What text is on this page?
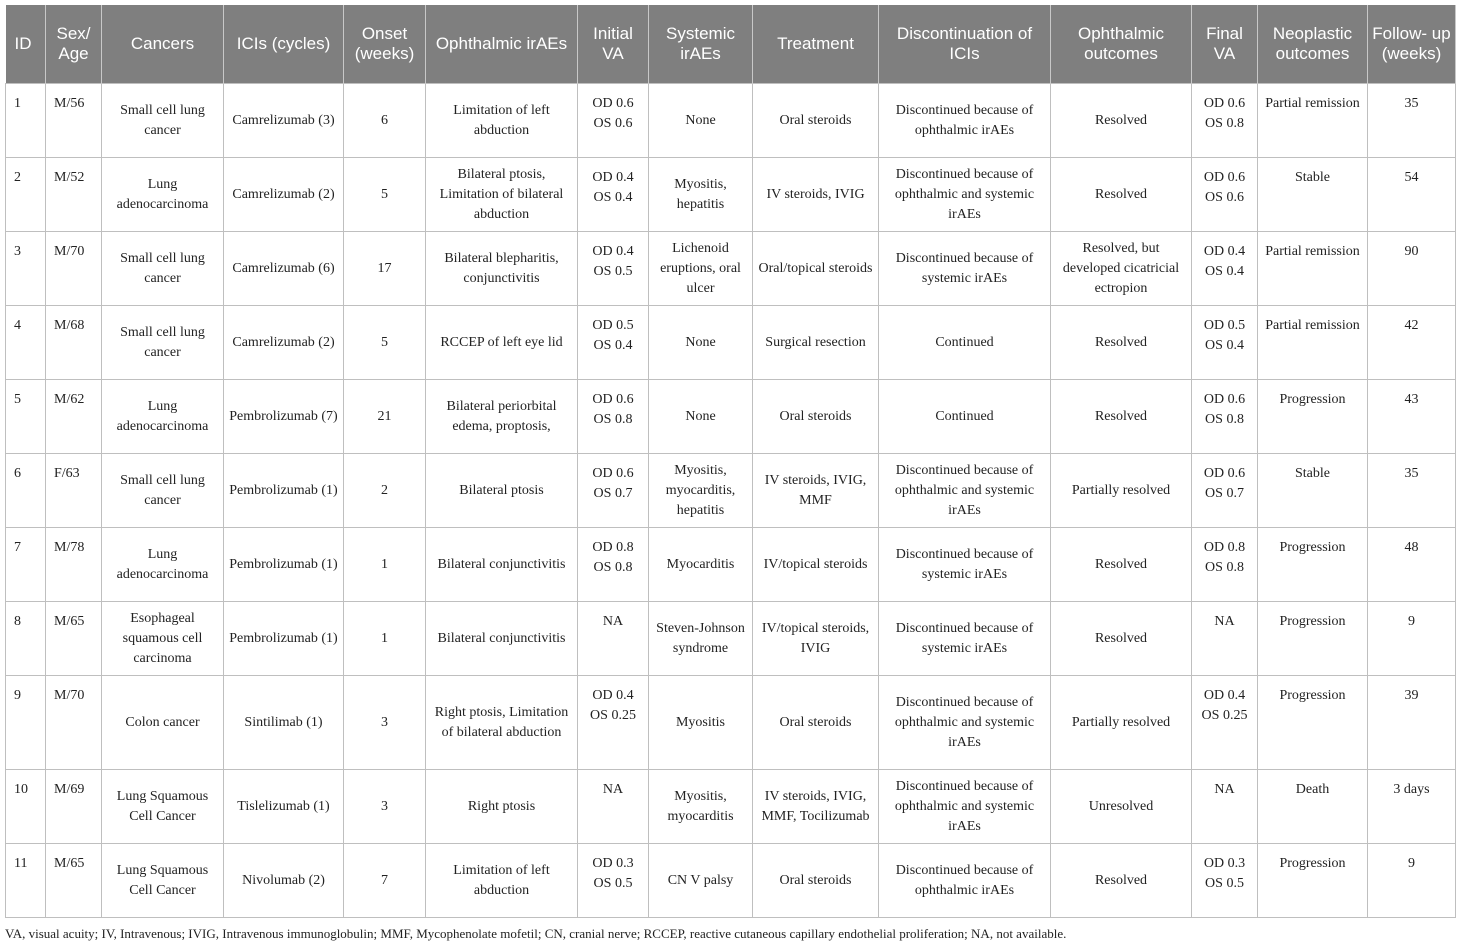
ID	Sex/ Age	Cancers	ICIs (cycles)	Onset (weeks)	Ophthalmic irAEs	Initial VA	Systemic irAEs	Treatment	Discontinuation of ICIs	Ophthalmic outcomes	Final VA	Neoplastic outcomes	Follow- up (weeks)
1	M/56	Small cell lung cancer	Camrelizumab (3)	6	Limitation of left abduction	OD 0.6 OS 0.6	None	Oral steroids	Discontinued because of ophthalmic irAEs	Resolved	OD 0.6 OS 0.8	Partial remission	35
2	M/52	Lung adenocarcinoma	Camrelizumab (2)	5	Bilateral ptosis, Limitation of bilateral abduction	OD 0.4 OS 0.4	Myositis, hepatitis	IV steroids, IVIG	Discontinued because of ophthalmic and systemic irAEs	Resolved	OD 0.6 OS 0.6	Stable	54
3	M/70	Small cell lung cancer	Camrelizumab (6)	17	Bilateral blepharitis, conjunctivitis	OD 0.4 OS 0.5	Lichenoid eruptions, oral ulcer	Oral/topical steroids	Discontinued because of systemic irAEs	Resolved, but developed cicatricial ectropion	OD 0.4 OS 0.4	Partial remission	90
4	M/68	Small cell lung cancer	Camrelizumab (2)	5	RCCEP of left eye lid	OD 0.5 OS 0.4	None	Surgical resection	Continued	Resolved	OD 0.5 OS 0.4	Partial remission	42
5	M/62	Lung adenocarcinoma	Pembrolizumab (7)	21	Bilateral periorbital edema, proptosis,	OD 0.6 OS 0.8	None	Oral steroids	Continued	Resolved	OD 0.6 OS 0.8	Progression	43
6	F/63	Small cell lung cancer	Pembrolizumab (1)	2	Bilateral ptosis	OD 0.6 OS 0.7	Myositis, myocarditis, hepatitis	IV steroids, IVIG, MMF	Discontinued because of ophthalmic and systemic irAEs	Partially resolved	OD 0.6 OS 0.7	Stable	35
7	M/78	Lung adenocarcinoma	Pembrolizumab (1)	1	Bilateral conjunctivitis	OD 0.8 OS 0.8	Myocarditis	IV/topical steroids	Discontinued because of systemic irAEs	Resolved	OD 0.8 OS 0.8	Progression	48
8	M/65	Esophageal squamous cell carcinoma	Pembrolizumab (1)	1	Bilateral conjunctivitis	NA	Steven-Johnson syndrome	IV/topical steroids, IVIG	Discontinued because of systemic irAEs	Resolved	NA	Progression	9
9	M/70	Colon cancer	Sintilimab (1)	3	Right ptosis, Limitation of bilateral abduction	OD 0.4 OS 0.25	Myositis	Oral steroids	Discontinued because of ophthalmic and systemic irAEs	Partially resolved	OD 0.4 OS 0.25	Progression	39
10	M/69	Lung Squamous Cell Cancer	Tislelizumab (1)	3	Right ptosis	NA	Myositis, myocarditis	IV steroids, IVIG, MMF, Tocilizumab	Discontinued because of ophthalmic and systemic irAEs	Unresolved	NA	Death	3 days
11	M/65	Lung Squamous Cell Cancer	Nivolumab (2)	7	Limitation of left abduction	OD 0.3 OS 0.5	CN V palsy	Oral steroids	Discontinued because of ophthalmic irAEs	Resolved	OD 0.3 OS 0.5	Progression	9
VA, visual acuity; IV, Intravenous; IVIG, Intravenous immunoglobulin; MMF, Mycophenolate mofetil; CN, cranial nerve; RCCEP, reactive cutaneous capillary endothelial proliferation; NA, not available.
